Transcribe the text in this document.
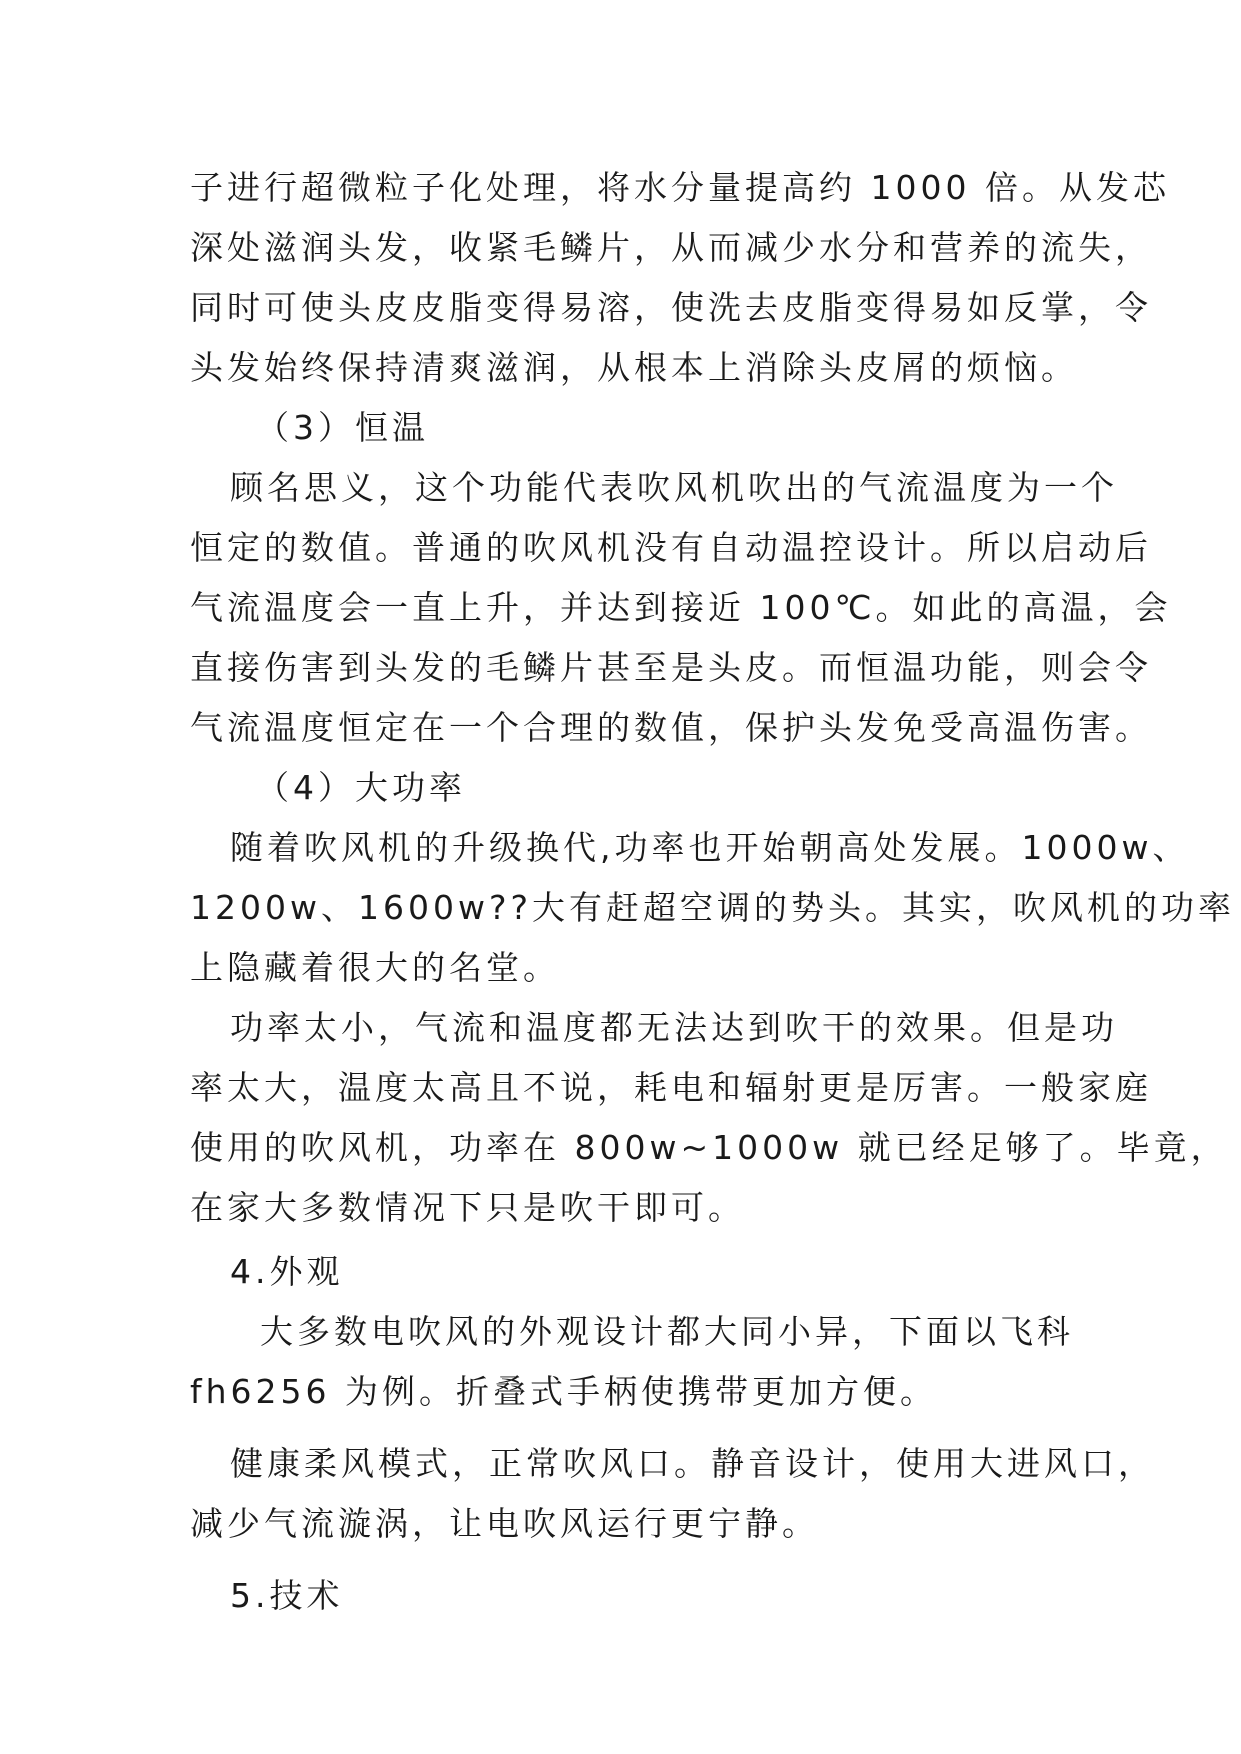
子进行超微粒子化处理，将水分量提高约 1000 倍。从发芯
深处滋润头发，收紧毛鳞片，从而减少水分和营养的流失，
同时可使头皮皮脂变得易溶，使洗去皮脂变得易如反掌，令
头发始终保持清爽滋润，从根本上消除头皮屑的烦恼。
（3）恒温
顾名思义，这个功能代表吹风机吹出的气流温度为一个
恒定的数值。普通的吹风机没有自动温控设计。所以启动后
气流温度会一直上升，并达到接近 100℃。如此的高温，会
直接伤害到头发的毛鳞片甚至是头皮。而恒温功能，则会令
气流温度恒定在一个合理的数值，保护头发免受高温伤害。
（4）大功率
随着吹风机的升级换代,功率也开始朝高处发展。1000w、
1200w、1600w??大有赶超空调的势头。其实，吹风机的功率
上隐藏着很大的名堂。
功率太小，气流和温度都无法达到吹干的效果。但是功
率太大，温度太高且不说，耗电和辐射更是厉害。一般家庭
使用的吹风机，功率在 800w~1000w 就已经足够了。毕竟，
在家大多数情况下只是吹干即可。
4.外观
大多数电吹风的外观设计都大同小异，下面以飞科
fh6256 为例。折叠式手柄使携带更加方便。
健康柔风模式，正常吹风口。静音设计，使用大进风口，
减少气流漩涡，让电吹风运行更宁静。
5.技术
